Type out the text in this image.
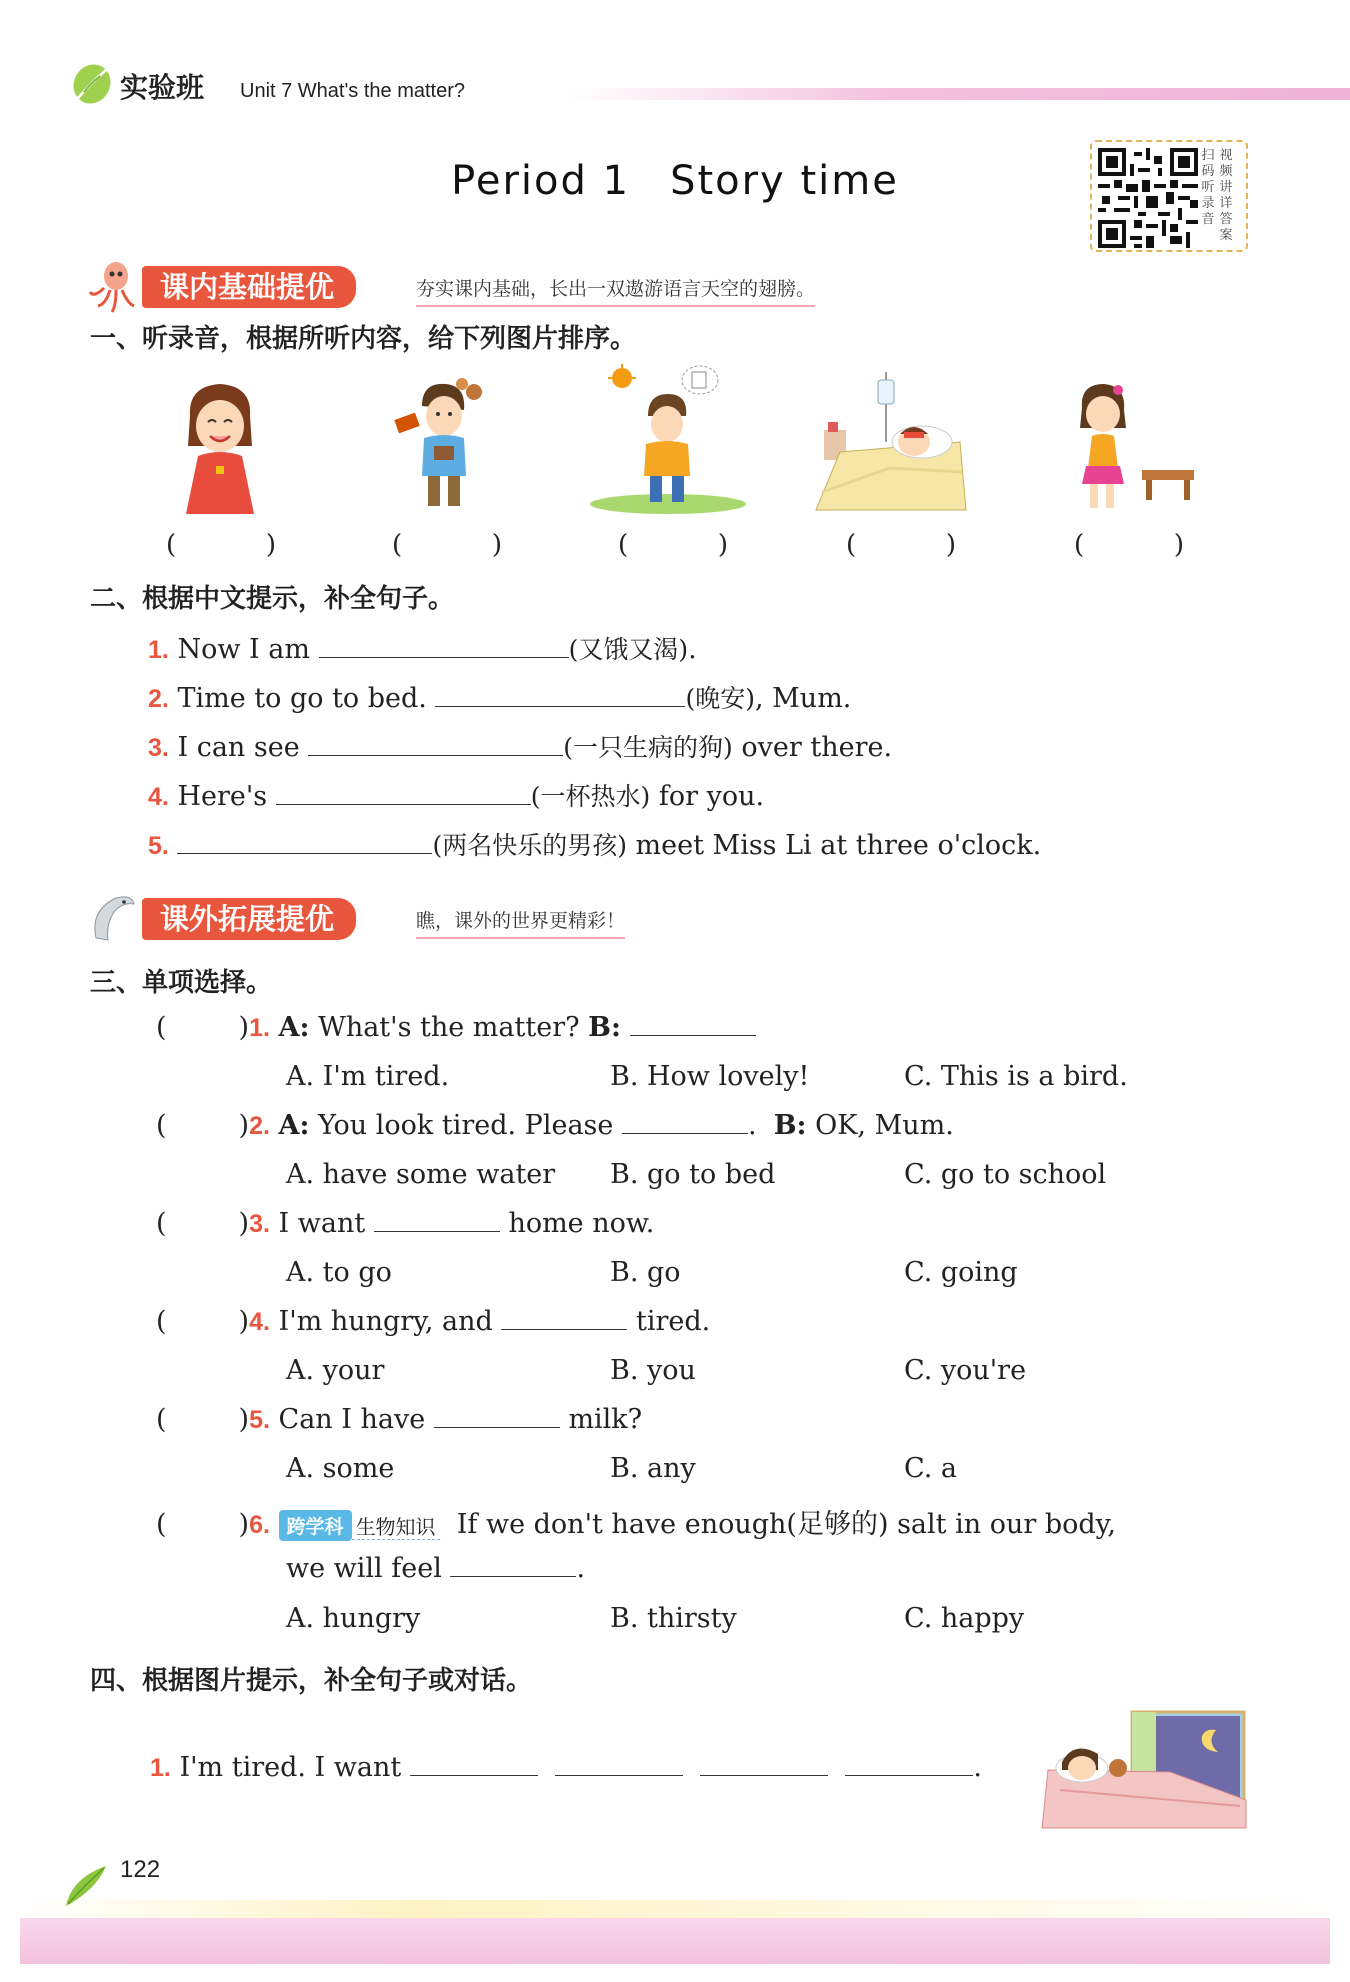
实验班 Unit 7 What's the matter?
Period 1 Story time
扫
码
听
录
音
视
频
讲
详
答
案
课内基础提优	夯实课内基础，长出一双遨游语言天空的翅膀。
一、听录音，根据所听内容，给下列图片排序。
(	)	(	)	(	)	(	)	(	)
二、根据中文提示，补全句子。
1. Now I am	(又饿又渴).
2. Time to go to bed.	(晚安), Mum.
3. I can see	(一只生病的狗) over there.
4. Here's	(一杯热水) for you.
5.	(两名快乐的男孩) meet Miss Li at three o'clock.
课外拓展提优	瞧，课外的世界更精彩！
三、单项选择。
(	)1. A: What's the matter? B:
A. I'm tired.	B. How lovely!	C. This is a bird.
(	)2. A: You look tired. Please	.  B: OK, Mum.
A. have some water B. go to bed	C. go to school
(	)3. I want	home now.
A. to go	B. go	C. going
(	)4. I'm hungry, and	tired.
A. your	B. you	C. you're
(	)5. Can I have	milk?
A. some	B. any	C. a
(	)6. 跨学科 生物知识 If we don't have enough(足够的) salt in our body,
we will feel	.
A. hungry	B. thirsty	C. happy
四、根据图片提示，补全句子或对话。
1. I'm tired. I want	.
122
